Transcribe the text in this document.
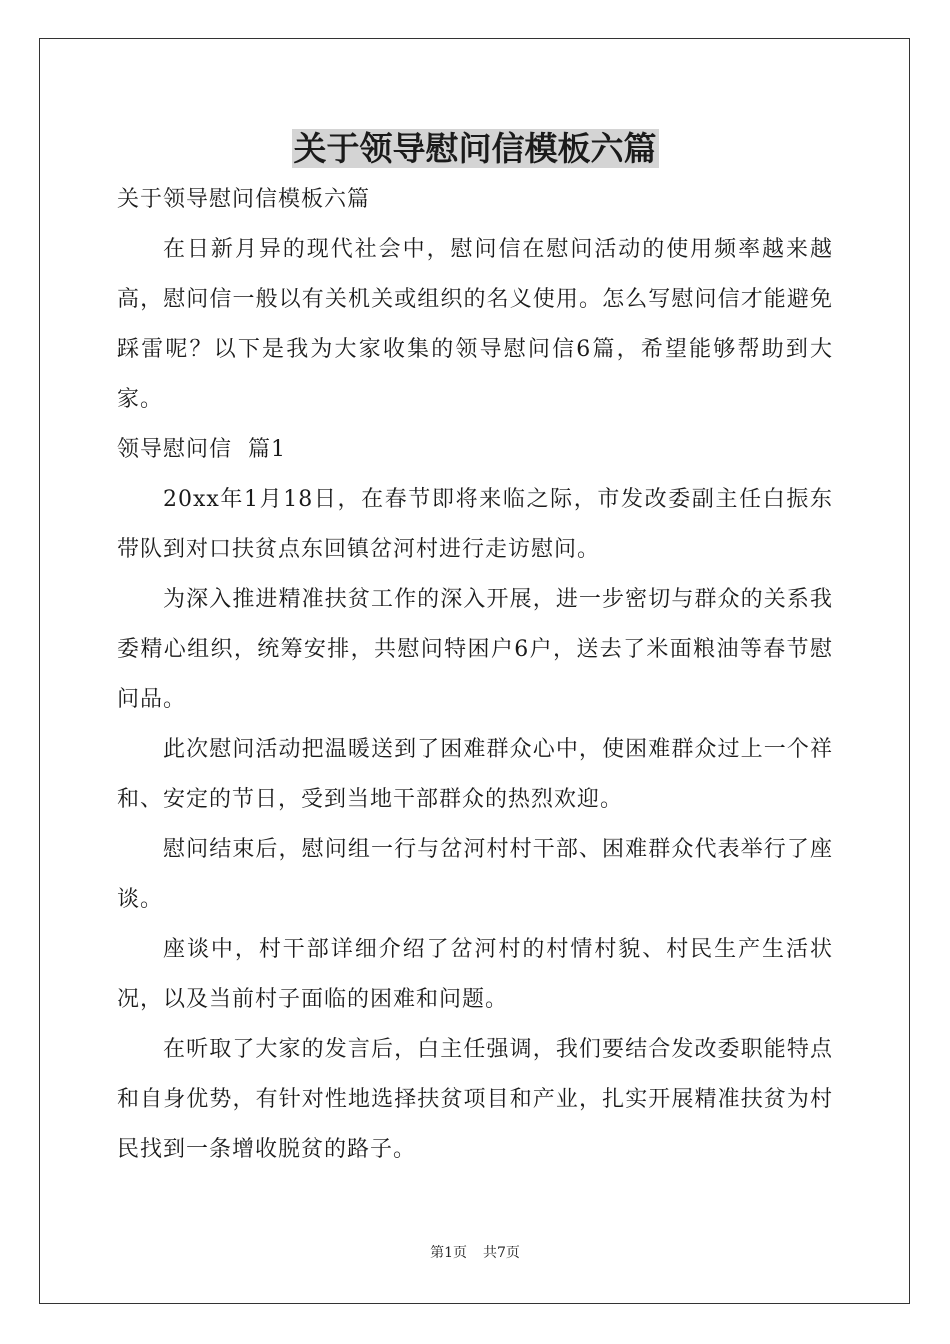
关于领导慰问信模板六篇

关于领导慰问信模板六篇

在日新月异的现代社会中，慰问信在慰问活动的使用频率越来越高，慰问信一般以有关机关或组织的名义使用。怎么写慰问信才能避免踩雷呢？以下是我为大家收集的领导慰问信6篇，希望能够帮助到大家。

领导慰问信  篇1

20xx年1月18日，在春节即将来临之际，市发改委副主任白振东带队到对口扶贫点东回镇岔河村进行走访慰问。

为深入推进精准扶贫工作的深入开展，进一步密切与群众的关系我委精心组织，统筹安排，共慰问特困户6户，送去了米面粮油等春节慰问品。

此次慰问活动把温暖送到了困难群众心中，使困难群众过上一个祥和、安定的节日，受到当地干部群众的热烈欢迎。

慰问结束后，慰问组一行与岔河村村干部、困难群众代表举行了座谈。

座谈中，村干部详细介绍了岔河村的村情村貌、村民生产生活状况，以及当前村子面临的困难和问题。

在听取了大家的发言后，白主任强调，我们要结合发改委职能特点和自身优势，有针对性地选择扶贫项目和产业，扎实开展精准扶贫为村民找到一条增收脱贫的路子。

第1页 共7页
